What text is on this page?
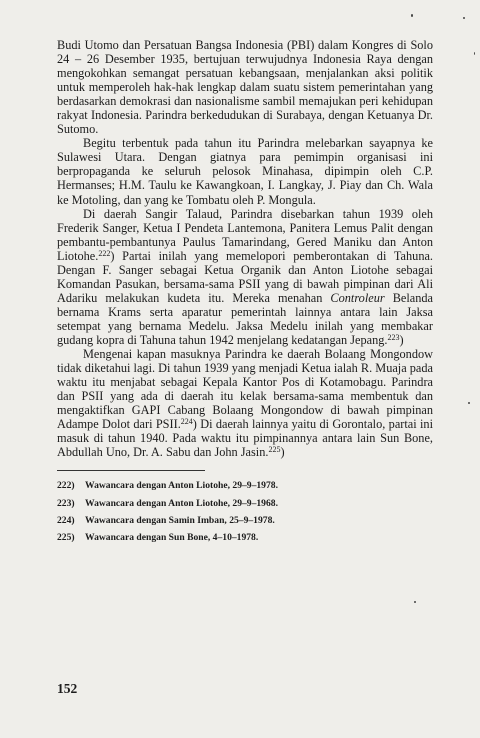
Budi Utomo dan Persatuan Bangsa Indonesia (PBI) dalam Kongres di Solo 24 – 26 Desember 1935, bertujuan terwujudnya Indonesia Raya dengan mengokohkan semangat persatuan kebangsaan, menjalankan aksi politik untuk memperoleh hak-hak lengkap dalam suatu sistem pemerintahan yang berdasarkan demokrasi dan nasionalisme sambil memajukan peri kehidupan rakyat Indonesia. Parindra berkedudukan di Surabaya, dengan Ketuanya Dr. Sutomo.

Begitu terbentuk pada tahun itu Parindra melebarkan sayapnya ke Sulawesi Utara. Dengan giatnya para pemimpin organisasi ini berpropaganda ke seluruh pelosok Minahasa, dipimpin oleh C.P. Hermanses; H.M. Taulu ke Kawangkoan, I. Langkay, J. Piay dan Ch. Wala ke Motoling, dan yang ke Tombatu oleh P. Mongula.

Di daerah Sangir Talaud, Parindra disebarkan tahun 1939 oleh Frederik Sanger, Ketua I Pendeta Lantemona, Panitera Lemus Palit dengan pembantu-pembantunya Paulus Tamarindang, Gered Maniku dan Anton Liotohe.$^{222}$) Partai inilah yang memelopori pemberontakan di Tahuna. Dengan F. Sanger sebagai Ketua Organik dan Anton Liotohe sebagai Komandan Pasukan, bersama-sama PSII yang di bawah pimpinan dari Ali Adariku melakukan kudeta itu. Mereka menahan Controleur Belanda bernama Krams serta aparatur pemerintah lainnya antara lain Jaksa setempat yang bernama Medelu. Jaksa Medelu inilah yang membakar gudang kopra di Tahuna tahun 1942 menjelang kedatangan Jepang.$^{223}$)

Mengenai kapan masuknya Parindra ke daerah Bolaang Mongondow tidak diketahui lagi. Di tahun 1939 yang menjadi Ketua ialah R. Muaja pada waktu itu menjabat sebagai Kepala Kantor Pos di Kotamobagu. Parindra dan PSII yang ada di daerah itu kelak bersama-sama membentuk dan mengaktifkan GAPI Cabang Bolaang Mongondow di bawah pimpinan Adampe Dolot dari PSII.$^{224}$) Di daerah lainnya yaitu di Gorontalo, partai ini masuk di tahun 1940. Pada waktu itu pimpinannya antara lain Sun Bone, Abdullah Uno, Dr. A. Sabu dan John Jasin.$^{225}$)

222)	Wawancara dengan Anton Liotohe, 29–9–1978.
223)	Wawancara dengan Anton Liotohe, 29–9–1968.
224)	Wawancara dengan Samin Imban, 25–9–1978.
225)	Wawancara dengan Sun Bone, 4–10–1978.
152
